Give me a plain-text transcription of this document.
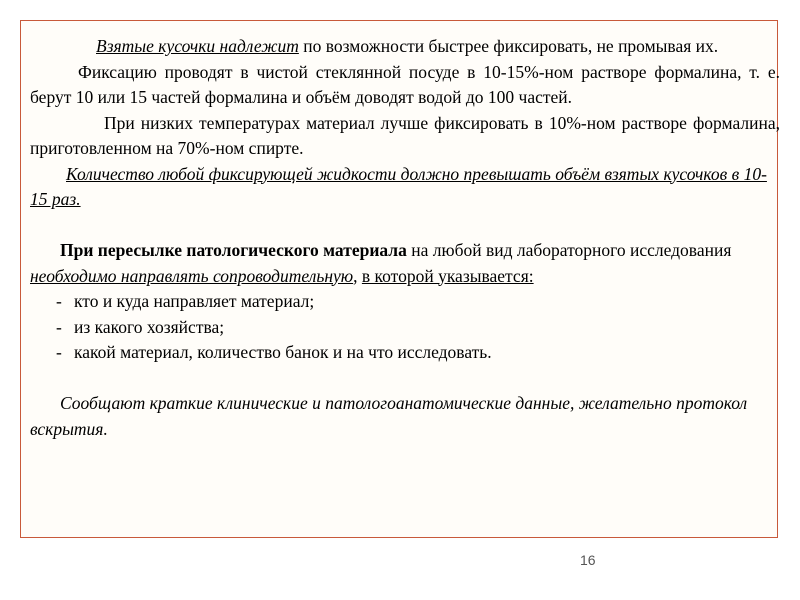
Взятые кусочки надлежит по возможности быстрее фиксировать, не промывая их.

Фиксацию проводят в чистой стеклянной посуде в 10-15%-ном растворе формалина, т. е. берут 10 или 15 частей формалина и объём доводят водой до 100 частей.

При низких температурах материал лучше фиксировать в 10%-ном растворе формалина, приготовленном на 70%-ном спирте.

Количество любой фиксирующей жидкости должно превышать объём взятых кусочков в 10- 15 раз.

При пересылке патологического материала на любой вид лабораторного исследования необходимо направлять сопроводительную, в которой указывается:

- кто и куда направляет материал;

- из какого хозяйства;

- какой материал, количество банок и на что исследовать.

Сообщают краткие клинические и патологоанатомические данные, желательно протокол вскрытия.

16
